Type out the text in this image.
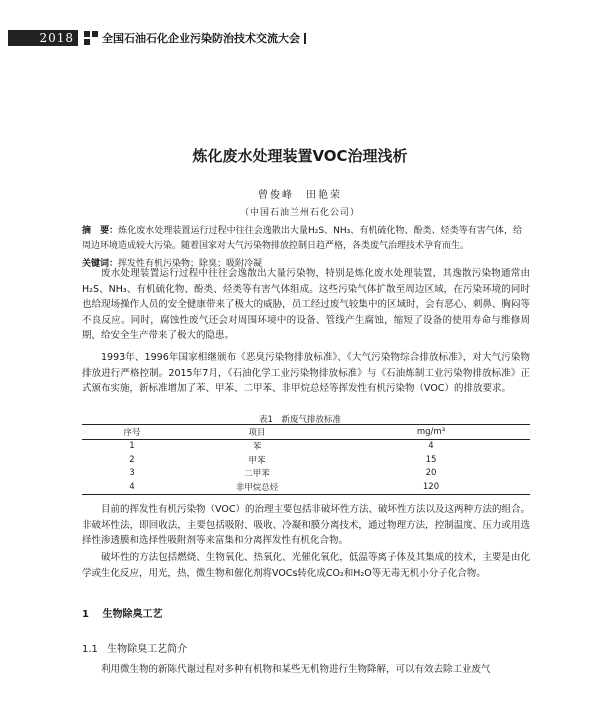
2018	全国石油石化企业污染防治技术交流大会
炼化废水处理装置VOC治理浅析
曾俊峰　田艳荣
（中国石油兰州石化公司）
摘　要：炼化废水处理装置运行过程中往往会逸散出大量H₂S、NH₃、有机硫化物、酚类、烃类等有害气体，给周边环境造成较大污染。随着国家对大气污染物排放控制日趋严格，各类废气治理技术孕育而生。
关键词：挥发性有机污染物；除臭；吸附冷凝

废水处理装置运行过程中往往会逸散出大量污染物，特别是炼化废水处理装置，其逸散污染物通常由H₂S、NH₃、有机硫化物、酚类、烃类等有害气体组成。这些污染气体扩散至周边区域，在污染环境的同时也给现场操作人员的安全健康带来了极大的威胁，员工经过废气较集中的区域时，会有恶心、刺鼻、胸闷等不良反应。同时，腐蚀性废气还会对周围环境中的设备、管线产生腐蚀，缩短了设备的使用寿命与维修周期，给安全生产带来了极大的隐患。

1993年、1996年国家相继颁布《恶臭污染物排放标准》、《大气污染物综合排放标准》，对大气污染物排放进行严格控制。2015年7月，《石油化学工业污染物排放标准》与《石油炼制工业污染物排放标准》正式颁布实施，新标准增加了苯、甲苯、二甲苯、非甲烷总烃等挥发性有机污染物（VOC）的排放要求。

表1　新废气排放标准
序号	项目	mg/m³
1	苯	4
2	甲苯	15
3	二甲苯	20
4	非甲烷总烃	120

目前的挥发性有机污染物（VOC）的治理主要包括非破坏性方法、破坏性方法以及这两种方法的组合。非破坏性法，即回收法，主要包括吸附、吸收、冷凝和膜分离技术，通过物理方法，控制温度、压力或用选择性渗透膜和选择性吸附剂等来富集和分离挥发性有机化合物。

破坏性的方法包括燃烧、生物氧化、热氧化、光催化氧化，低温等离子体及其集成的技术，主要是由化学或生化反应，用光，热，微生物和催化剂将VOCs转化成CO₂和H₂O等无毒无机小分子化合物。

1 生物除臭工艺
1.1 生物除臭工艺简介

利用微生物的新陈代谢过程对多种有机物和某些无机物进行生物降解，可以有效去除工业废气
